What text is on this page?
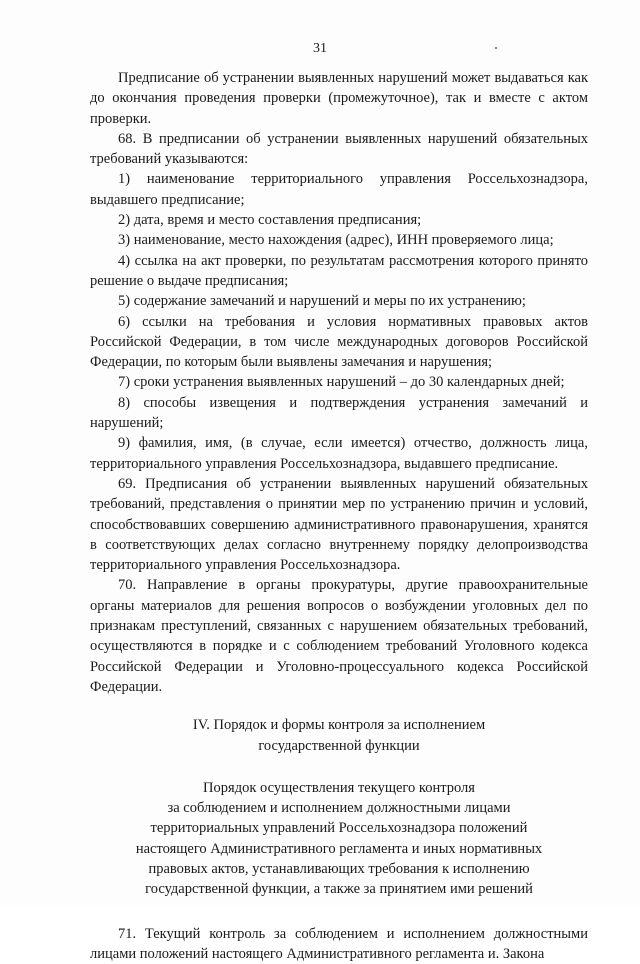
31

Предписание об устранении выявленных нарушений может выдаваться как до окончания проведения проверки (промежуточное), так и вместе с актом проверки.

68. В предписании об устранении выявленных нарушений обязательных требований указываются:

1) наименование территориального управления Россельхознадзора, выдавшего предписание;

2) дата, время и место составления предписания;

3) наименование, место нахождения (адрес), ИНН проверяемого лица;

4) ссылка на акт проверки, по результатам рассмотрения которого принято решение о выдаче предписания;

5) содержание замечаний и нарушений и меры по их устранению;

6) ссылки на требования и условия нормативных правовых актов Российской Федерации, в том числе международных договоров Российской Федерации, по которым были выявлены замечания и нарушения;

7) сроки устранения выявленных нарушений – до 30 календарных дней;

8) способы извещения и подтверждения устранения замечаний и нарушений;

9) фамилия, имя, (в случае, если имеется) отчество, должность лица, территориального управления Россельхознадзора, выдавшего предписание.

69. Предписания об устранении выявленных нарушений обязательных требований, представления о принятии мер по устранению причин и условий, способствовавших совершению административного правонарушения, хранятся в соответствующих делах согласно внутреннему порядку делопроизводства территориального управления Россельхознадзора.

70. Направление в органы прокуратуры, другие правоохранительные органы материалов для решения вопросов о возбуждении уголовных дел по признакам преступлений, связанных с нарушением обязательных требований, осуществляются в порядке и с соблюдением требований Уголовного кодекса Российской Федерации и Уголовно-процессуального кодекса Российской Федерации.

IV. Порядок и формы контроля за исполнением

государственной функции

Порядок осуществления текущего контроля

за соблюдением и исполнением должностными лицами

территориальных управлений Россельхознадзора положений

настоящего Административного регламента и иных нормативных

правовых актов, устанавливающих требования к исполнению

государственной функции, а также за принятием ими решений

71. Текущий контроль за соблюдением и исполнением должностными лицами положений настоящего Административного регламента и. Закона
